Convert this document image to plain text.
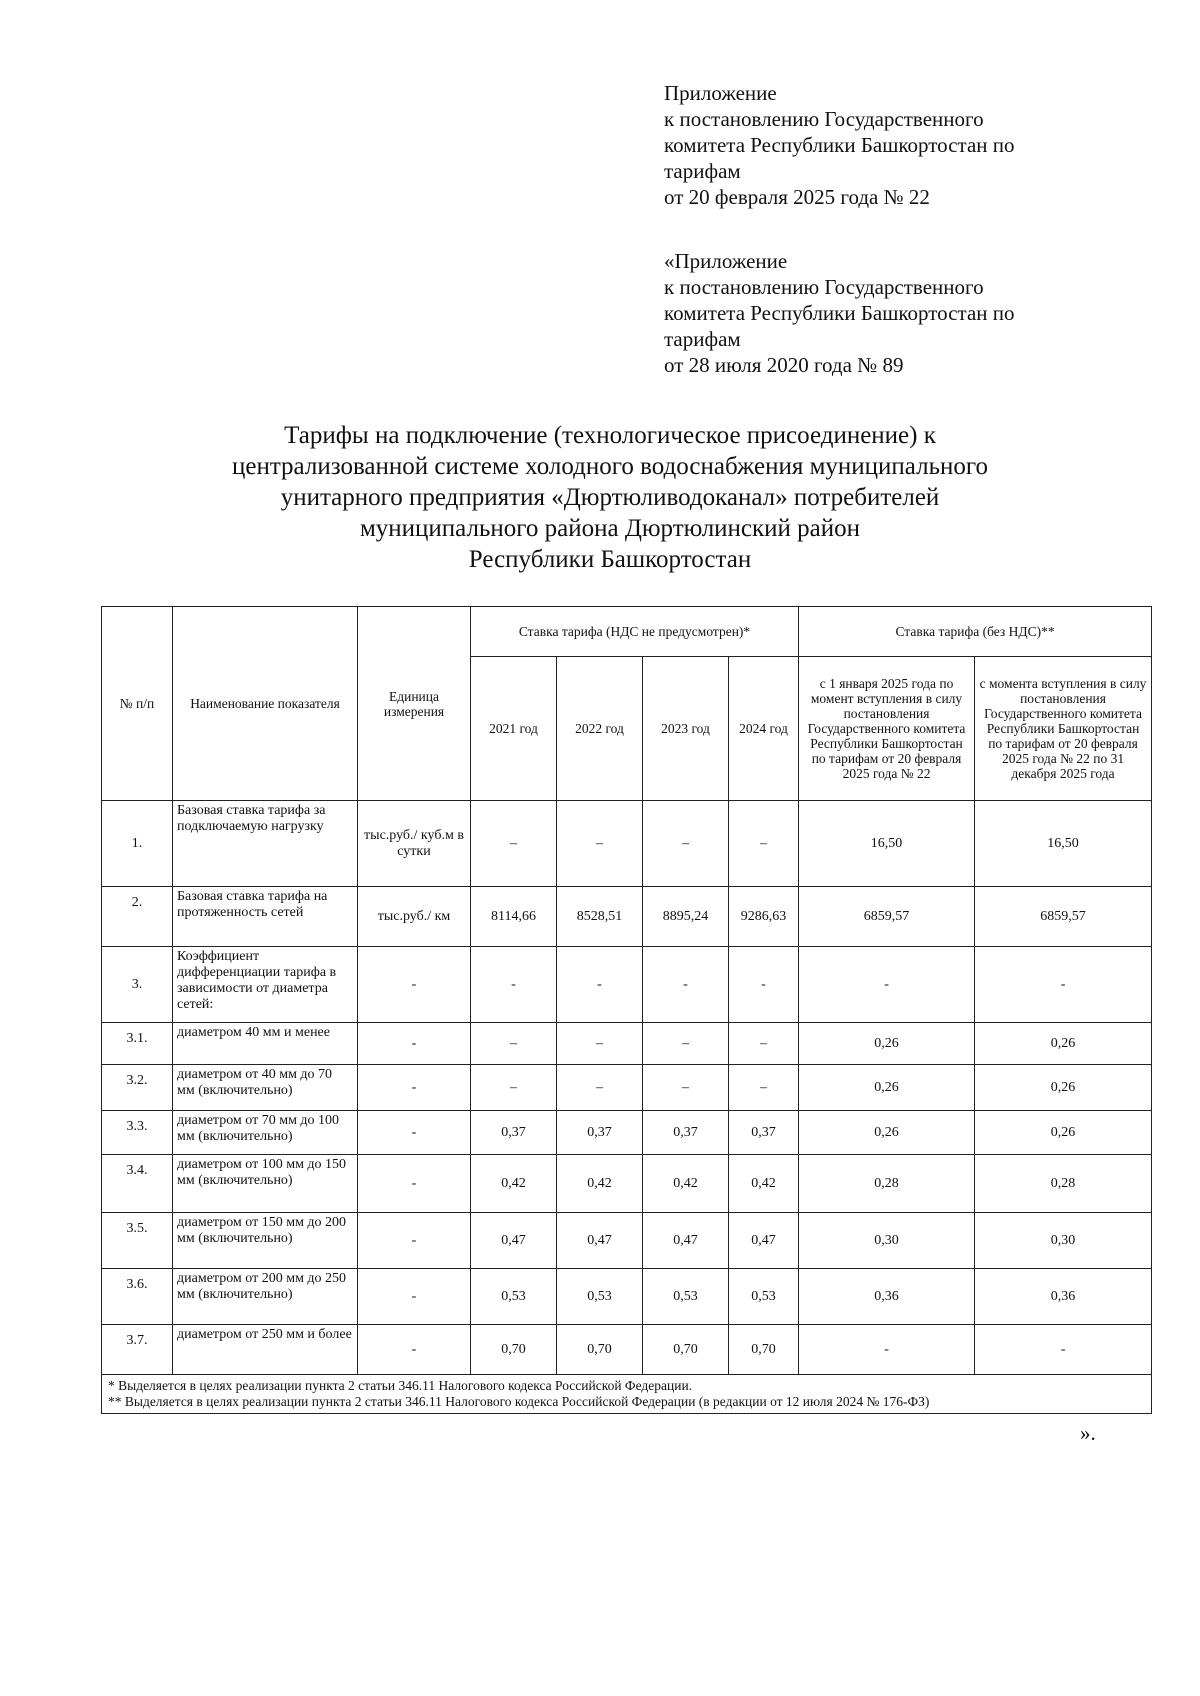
Приложение
к постановлению Государственного
комитета Республики Башкортостан по
тарифам
от 20 февраля 2025 года № 22
«Приложение
к постановлению Государственного
комитета Республики Башкортостан по
тарифам
от 28 июля 2020 года № 89
Тарифы на подключение (технологическое присоединение) к
централизованной системе холодного водоснабжения муниципального
унитарного предприятия «Дюртюливодоканал» потребителей
муниципального района Дюртюлинский район
Республики Башкортостан
№ п/п	Наименование показателя	Единица измерения	Ставка тарифа (НДС не предусмотрен)*				Ставка тарифа (без НДС)**	
			2021 год	2022 год	2023 год	2024 год	с 1 января 2025 года по момент вступления в силу постановления Государственного комитета Республики Башкортостан по тарифам от 20 февраля 2025 года № 22	с момента вступления в силу постановления Государственного комитета Республики Башкортостан по тарифам от 20 февраля 2025 года № 22 по 31 декабря 2025 года
1.	Базовая ставка тарифа за подключаемую нагрузку	тыс.руб./ куб.м в сутки	–	–	–	–	16,50	16,50
2.	Базовая ставка тарифа на протяженность сетей	тыс.руб./ км	8114,66	8528,51	8895,24	9286,63	6859,57	6859,57
3.	Коэффициент дифференциации тарифа в зависимости от диаметра сетей:	-	-	-	-	-	-	-
3.1.	диаметром 40 мм и менее	-	–	–	–	–	0,26	0,26
3.2.	диаметром от 40 мм до 70 мм (включительно)	-	–	–	–	–	0,26	0,26
3.3.	диаметром от 70 мм до 100 мм (включительно)	-	0,37	0,37	0,37	0,37	0,26	0,26
3.4.	диаметром от 100 мм до 150 мм (включительно)	-	0,42	0,42	0,42	0,42	0,28	0,28
3.5.	диаметром от 150 мм до 200 мм (включительно)	-	0,47	0,47	0,47	0,47	0,30	0,30
3.6.	диаметром от 200 мм до 250 мм (включительно)	-	0,53	0,53	0,53	0,53	0,36	0,36
3.7.	диаметром от 250 мм и более	-	0,70	0,70	0,70	0,70	-	-

* Выделяется в целях реализации пункта 2 статьи 346.11 Налогового кодекса Российской Федерации.
** Выделяется в целях реализации пункта 2 статьи 346.11 Налогового кодекса Российской Федерации (в редакции от 12 июля 2024 № 176-ФЗ)								
».
